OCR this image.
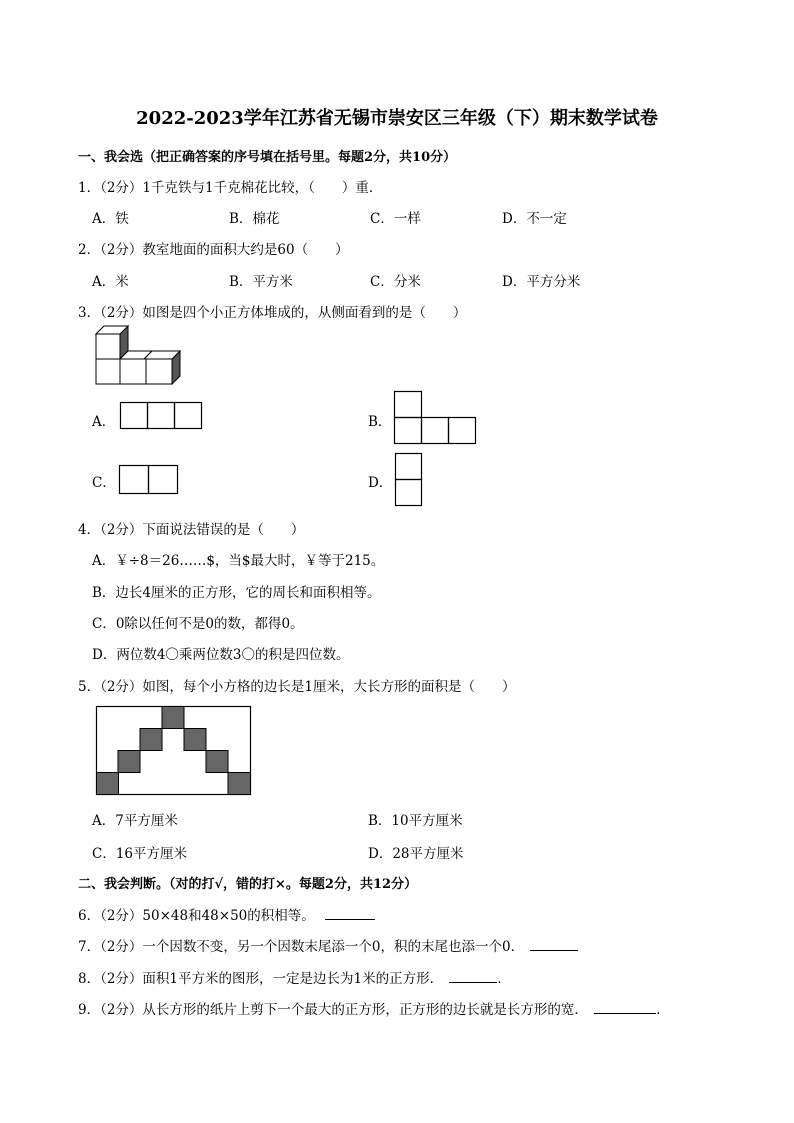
2022-2023学年江苏省无锡市崇安区三年级（下）期末数学试卷
一、我会选（把正确答案的序号填在括号里。每题2分，共10分）
1．（2分）1千克铁与1千克棉花比较，（　　）重．
A．铁	B．棉花	C．一样	D．不一定
2．（2分）教室地面的面积大约是60（　　）
A．米	B．平方米	C．分米	D．平方分米
3．（2分）如图是四个小正方体堆成的，从侧面看到的是（　　）
A．	B．
C．	D．
4．（2分）下面说法错误的是（　　）
A．￥÷8＝26……$，当$最大时，￥等于215。
B．边长4厘米的正方形，它的周长和面积相等。
C．0除以任何不是0的数，都得0。
D．两位数4〇乘两位数3〇的积是四位数。
5．（2分）如图，每个小方格的边长是1厘米，大长方形的面积是（　　）
A．7平方厘米	B．10平方厘米
C．16平方厘米	D．28平方厘米
二、我会判断。（对的打√，错的打×。每题2分，共12分）
6．（2分）50×48和48×50的积相等。
7．（2分）一个因数不变，另一个因数末尾添一个0，积的末尾也添一个0．
8．（2分）面积1平方米的图形，一定是边长为1米的正方形．	．
9．（2分）从长方形的纸片上剪下一个最大的正方形，正方形的边长就是长方形的宽．	．
